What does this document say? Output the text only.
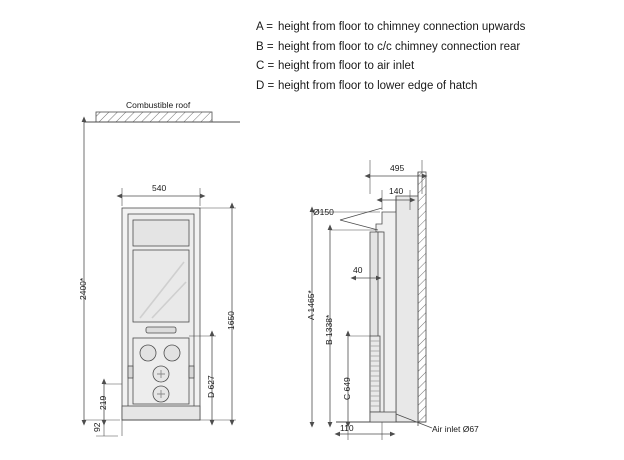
A = height from floor to chimney connection upwards
B = height from floor to c/c chimney connection rear
C = height from floor to air inlet
D = height from floor to lower edge of hatch
Combustible roof
540
2400*
1650
D 627
219
92
495
140
Ø150
40
A 1465*
B 1338*
C 649
110	Air inlet Ø67
